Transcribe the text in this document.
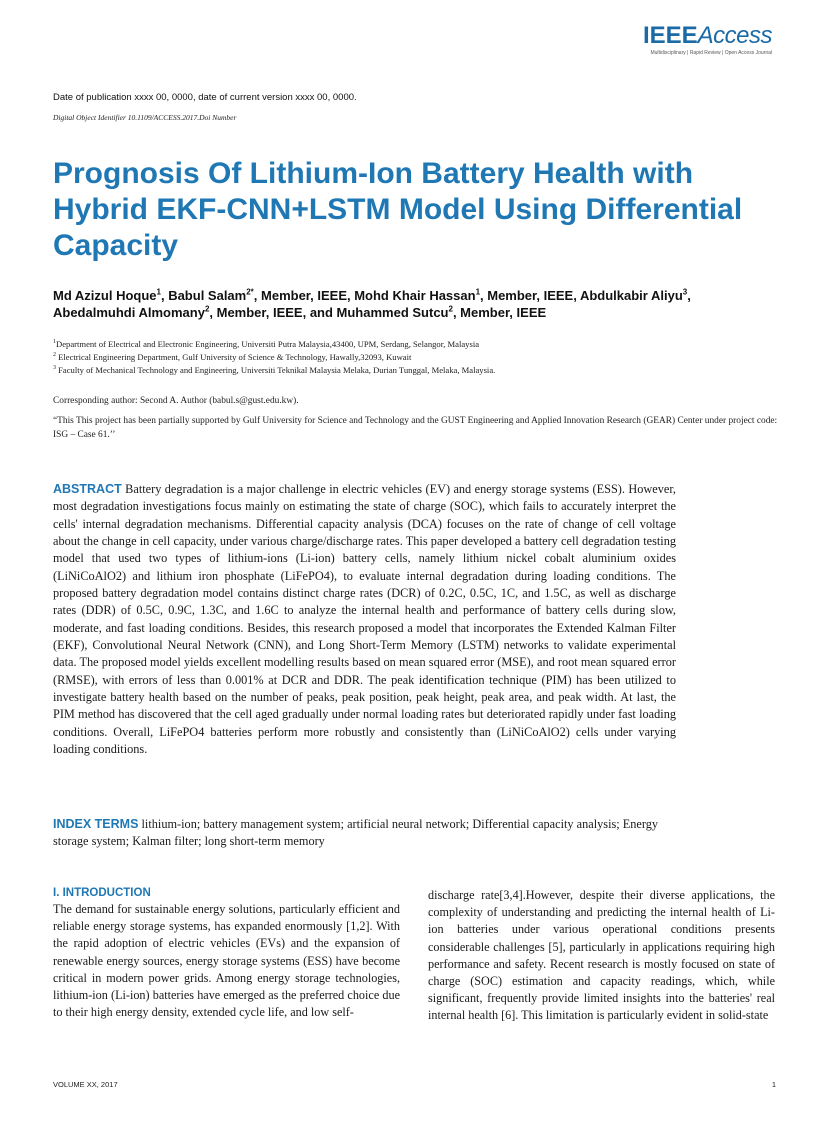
IEEEAccess
Multidisciplinary | Rapid Review | Open Access Journal
Date of publication xxxx 00, 0000, date of current version xxxx 00, 0000.
Digital Object Identifier 10.1109/ACCESS.2017.Doi Number
Prognosis Of Lithium-Ion Battery Health with Hybrid EKF-CNN+LSTM Model Using Differential Capacity
Md Azizul Hoque$^1$, Babul Salam$^{2*}$, Member, IEEE, Mohd Khair Hassan$^1$, Member, IEEE, Abdulkabir Aliyu$^3$, Abedalmuhdi Almomany$^2$, Member, IEEE, and Muhammed Sutcu$^2$, Member, IEEE
$^1$Department of Electrical and Electronic Engineering, Universiti Putra Malaysia,43400, UPM, Serdang, Selangor, Malaysia
$^2$ Electrical Engineering Department, Gulf University of Science & Technology, Hawally,32093, Kuwait
$^3$ Faculty of Mechanical Technology and Engineering, Universiti Teknikal Malaysia Melaka, Durian Tunggal, Melaka, Malaysia.
Corresponding author: Second A. Author (babul.s@gust.edu.kw).
“This This project has been partially supported by Gulf University for Science and Technology and the GUST Engineering and Applied Innovation Research (GEAR) Center under project code: ISG – Case 61.’’

ABSTRACT Battery degradation is a major challenge in electric vehicles (EV) and energy storage systems (ESS). However, most degradation investigations focus mainly on estimating the state of charge (SOC), which fails to accurately interpret the cells' internal degradation mechanisms. Differential capacity analysis (DCA) focuses on the rate of change of cell voltage about the change in cell capacity, under various charge/discharge rates. This paper developed a battery cell degradation testing model that used two types of lithium-ions (Li-ion) battery cells, namely lithium nickel cobalt aluminium oxides (LiNiCoAlO2) and lithium iron phosphate (LiFePO4), to evaluate internal degradation during loading conditions. The proposed battery degradation model contains distinct charge rates (DCR) of 0.2C, 0.5C, 1C, and 1.5C, as well as discharge rates (DDR) of 0.5C, 0.9C, 1.3C, and 1.6C to analyze the internal health and performance of battery cells during slow, moderate, and fast loading conditions. Besides, this research proposed a model that incorporates the Extended Kalman Filter (EKF), Convolutional Neural Network (CNN), and Long Short-Term Memory (LSTM) networks to validate experimental data. The proposed model yields excellent modelling results based on mean squared error (MSE), and root mean squared error (RMSE), with errors of less than 0.001% at DCR and DDR. The peak identification technique (PIM) has been utilized to investigate battery health based on the number of peaks, peak position, peak height, peak area, and peak width. At last, the PIM method has discovered that the cell aged gradually under normal loading rates but deteriorated rapidly under fast loading conditions. Overall, LiFePO4 batteries perform more robustly and consistently than (LiNiCoAlO2) cells under varying loading conditions.

INDEX TERMS lithium-ion; battery management system; artificial neural network; Differential capacity analysis; Energy storage system; Kalman filter; long short-term memory

I. INTRODUCTION

The demand for sustainable energy solutions, particularly efficient and reliable energy storage systems, has expanded enormously [1,2]. With the rapid adoption of electric vehicles (EVs) and the expansion of renewable energy sources, energy storage systems (ESS) have become critical in modern power grids. Among energy storage technologies, lithium-ion (Li-ion) batteries have emerged as the preferred choice due to their high energy density, extended cycle life, and low self-

discharge rate[3,4].However, despite their diverse applications, the complexity of understanding and predicting the internal health of Li-ion batteries under various operational conditions presents considerable challenges [5], particularly in applications requiring high performance and safety. Recent research is mostly focused on state of charge (SOC) estimation and capacity readings, which, while significant, frequently provide limited insights into the batteries' real internal health [6]. This limitation is particularly evident in solid-state

VOLUME XX, 2017	1
